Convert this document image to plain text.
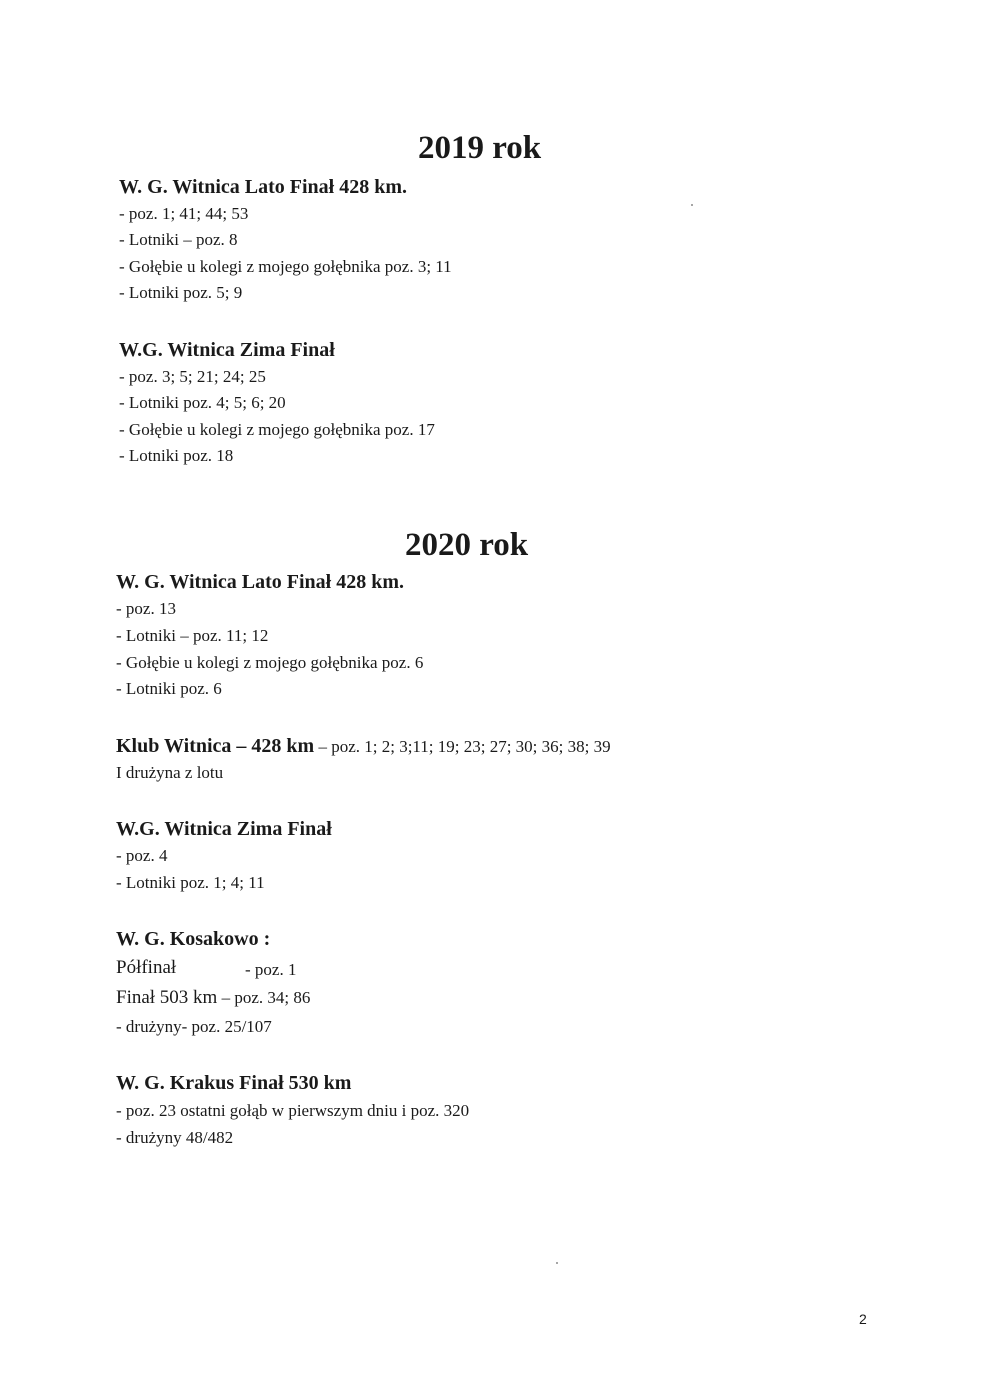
2019 rok
W. G. Witnica Lato Finał 428 km.
- poz. 1; 41; 44; 53
- Lotniki – poz. 8
- Gołębie u kolegi z mojego gołębnika poz. 3; 11
- Lotniki poz. 5; 9
W.G. Witnica Zima Finał
- poz. 3; 5; 21; 24; 25
- Lotniki poz. 4; 5; 6; 20
- Gołębie u kolegi z mojego gołębnika poz. 17
- Lotniki poz. 18
2020 rok
W. G. Witnica Lato Finał 428 km.
- poz. 13
- Lotniki – poz. 11; 12
- Gołębie u kolegi z mojego gołębnika poz. 6
- Lotniki poz. 6
Klub Witnica – 428 km – poz. 1; 2; 3;11; 19; 23; 27; 30; 36; 38; 39
I drużyna z lotu
W.G. Witnica Zima Finał
- poz. 4
- Lotniki poz. 1; 4; 11
W. G. Kosakowo :
Półfinał	- poz. 1
Finał 503 km – poz. 34; 86
- drużyny- poz. 25/107
W. G. Krakus Finał 530 km
- poz. 23 ostatni gołąb w pierwszym dniu i poz. 320
- drużyny 48/482
2
